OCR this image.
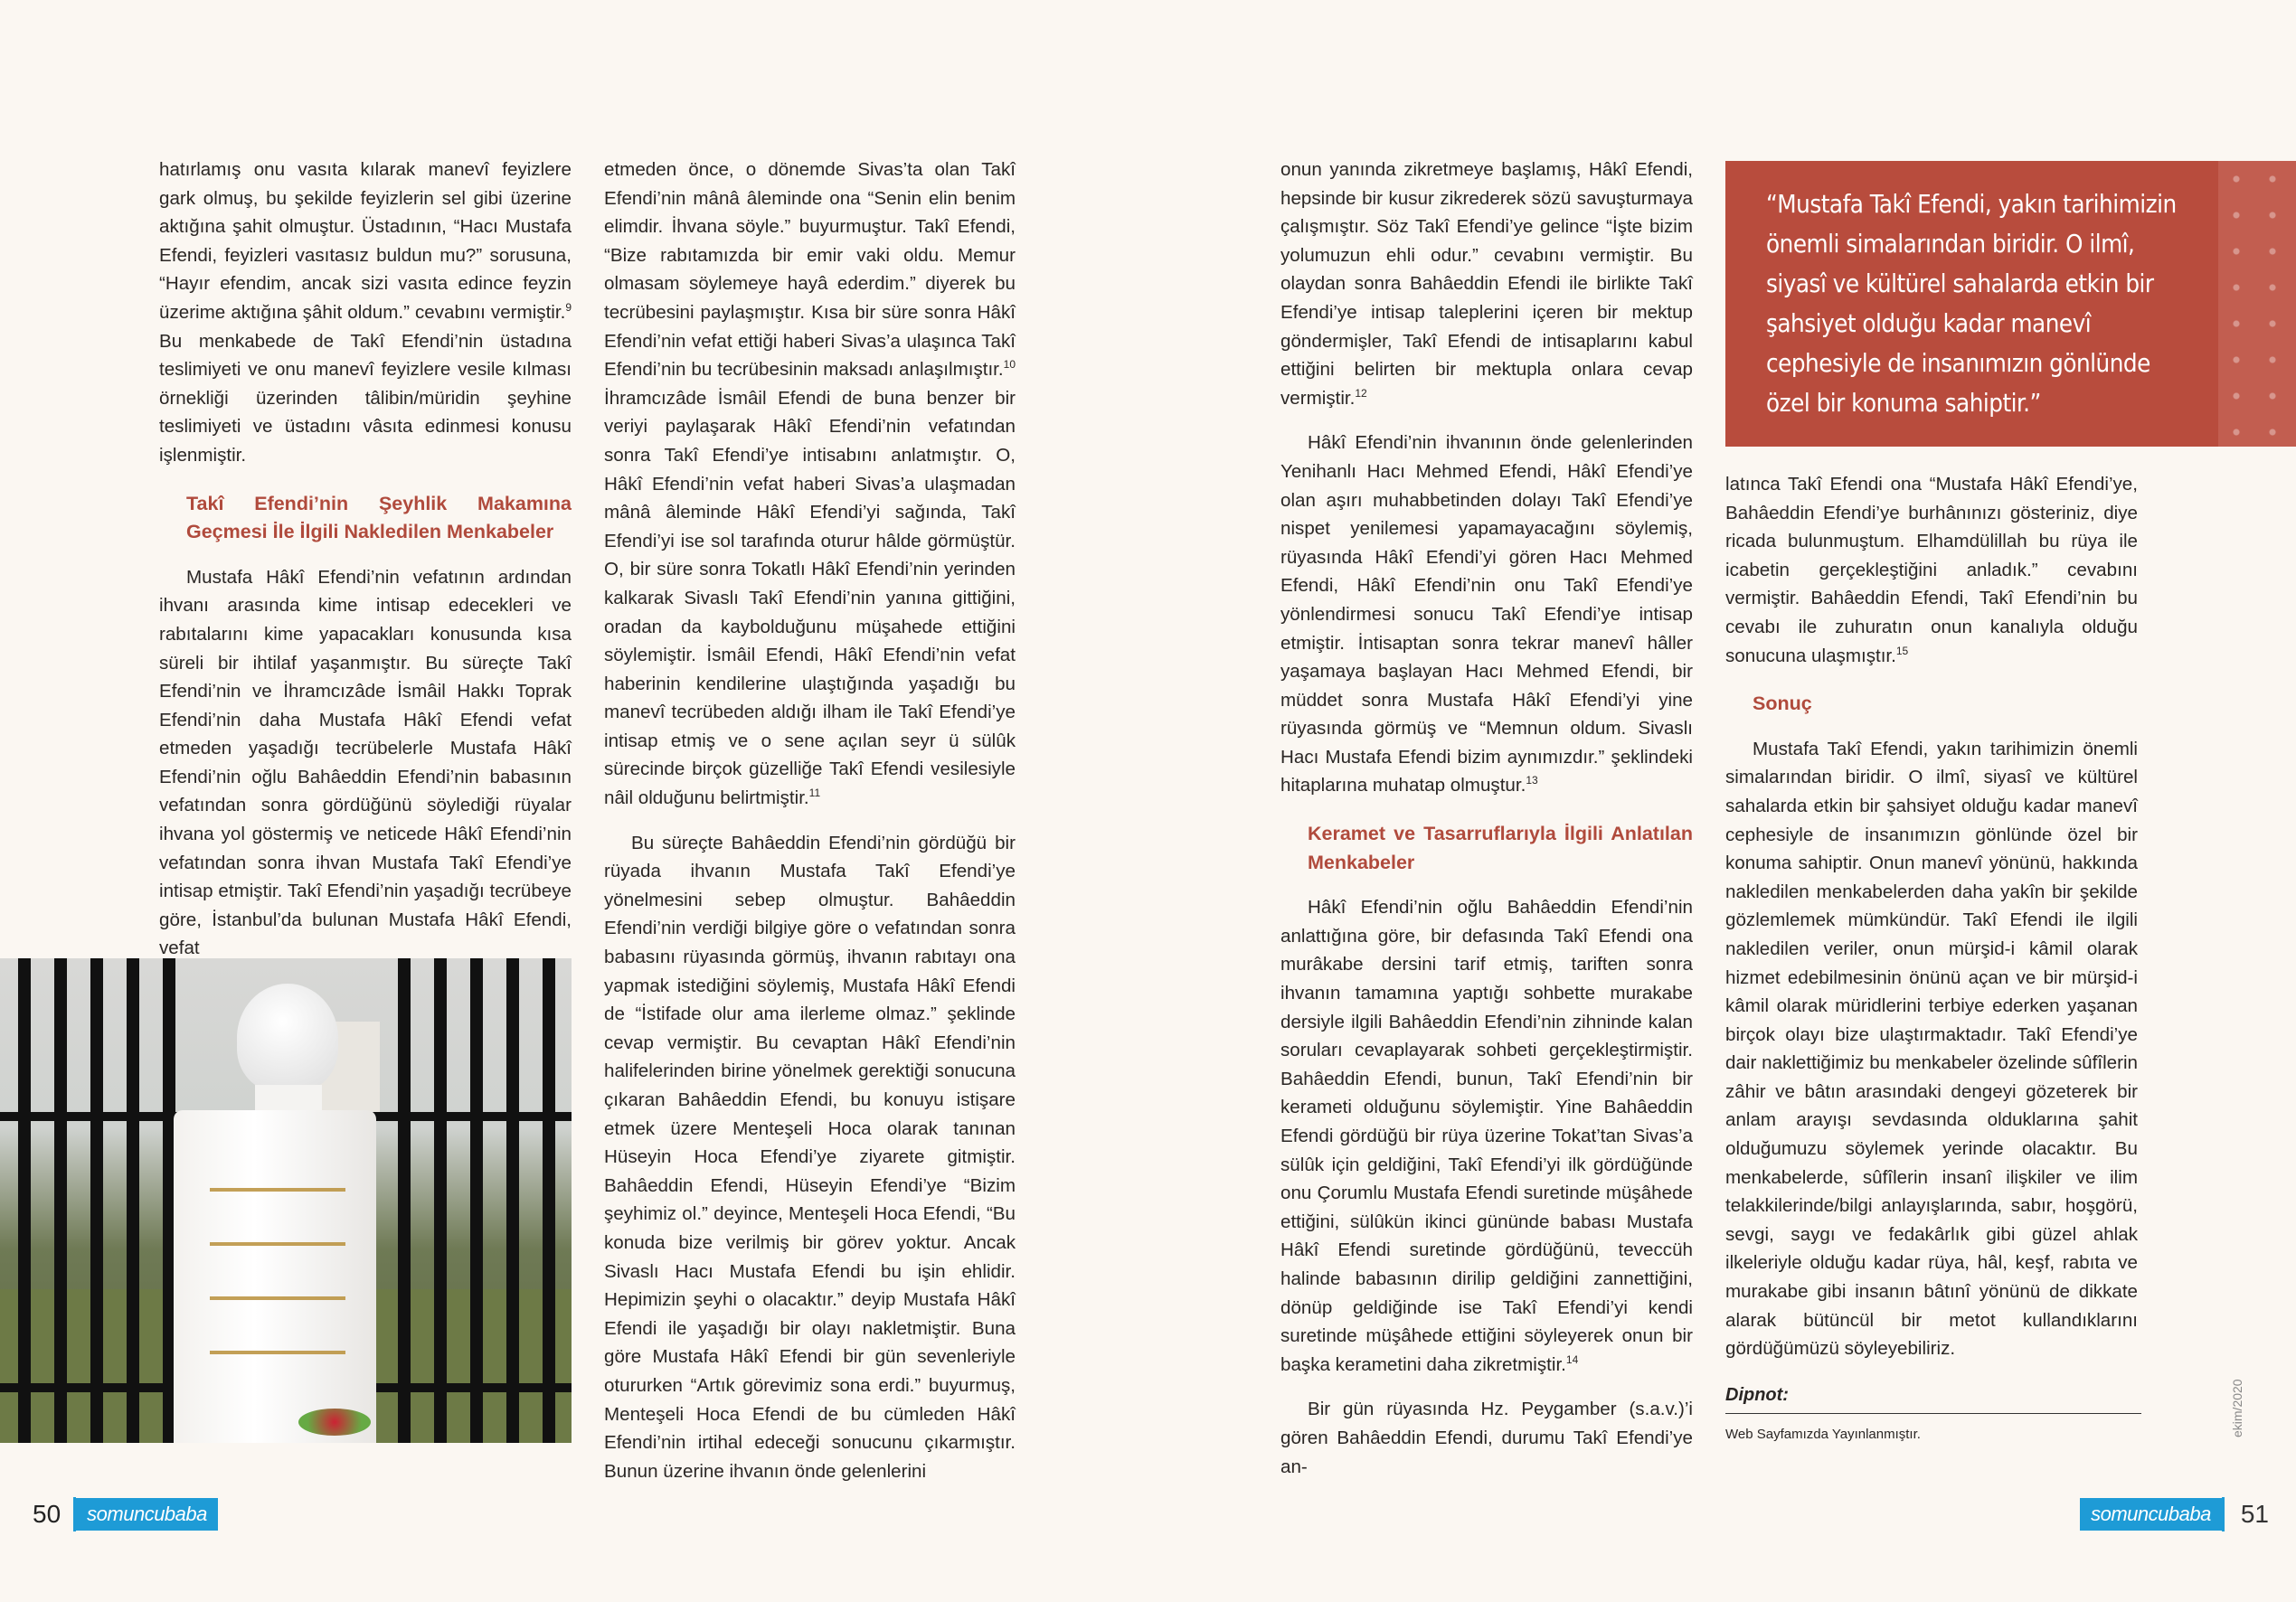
hatırlamış onu vasıta kılarak manevî feyizlere gark olmuş, bu şekilde feyizlerin sel gibi üzerine aktığına şahit olmuştur. Üstadının, “Hacı Mustafa Efendi, feyizleri vasıtasız buldun mu?” sorusuna, “Hayır efendim, ancak sizi vasıta edince feyzin üzerime aktığına şâhit oldum.” cevabını vermiştir.$^9$ Bu menkabede de Takî Efendi’nin üstadına teslimiyeti ve onu manevî feyizlere vesile kılması örnekliği üzerinden tâlibin/müridin şeyhine teslimiyeti ve üstadını vâsıta edinmesi konusu işlenmiştir.

Takî Efendi’nin Şeyhlik Makamına Geçmesi İle İlgili Nakledilen Menkabeler

Mustafa Hâkî Efendi’nin vefatının ardından ihvanı arasında kime intisap edecekleri ve rabıtalarını kime yapacakları konusunda kısa süreli bir ihtilaf yaşanmıştır. Bu süreçte Takî Efendi’nin ve İhramcızâde İsmâil Hakkı Toprak Efendi’nin daha Mustafa Hâkî Efendi vefat etmeden yaşadığı tecrübelerle Mustafa Hâkî Efendi’nin oğlu Bahâeddin Efendi’nin babasının vefatından sonra gördüğünü söylediği rüyalar ihvana yol göstermiş ve neticede Hâkî Efendi’nin vefatından sonra ihvan Mustafa Takî Efendi’ye intisap etmiştir. Takî Efendi’nin yaşadığı tecrübeye göre, İstanbul’da bulunan Mustafa Hâkî Efendi, vefat

etmeden önce, o dönemde Sivas’ta olan Takî Efendi’nin mânâ âleminde ona “Senin elin benim elimdir. İhvana söyle.” buyurmuştur. Takî Efendi, “Bize rabıtamızda bir emir vaki oldu. Memur olmasam söylemeye hayâ ederdim.” diyerek bu tecrübesini paylaşmıştır. Kısa bir süre sonra Hâkî Efendi’nin vefat ettiği haberi Sivas’a ulaşınca Takî Efendi’nin bu tecrübesinin maksadı anlaşılmıştır.$^{10}$ İhramcızâde İsmâil Efendi de buna benzer bir veriyi paylaşarak Hâkî Efendi’nin vefatından sonra Takî Efendi’ye intisabını anlatmıştır. O, Hâkî Efendi’nin vefat haberi Sivas’a ulaşmadan mânâ âleminde Hâkî Efendi’yi sağında, Takî Efendi’yi ise sol tarafında oturur hâlde görmüştür. O, bir süre sonra Tokatlı Hâkî Efendi’nin yerinden kalkarak Sivaslı Takî Efendi’nin yanına gittiğini, oradan da kaybolduğunu müşahede ettiğini söylemiştir. İsmâil Efendi, Hâkî Efendi’nin vefat haberinin kendilerine ulaştığında yaşadığı bu manevî tecrübeden aldığı ilham ile Takî Efendi’ye intisap etmiş ve o sene açılan seyr ü sülûk sürecinde birçok güzelliğe Takî Efendi vesilesiyle nâil olduğunu belirtmiştir.$^{11}$

Bu süreçte Bahâeddin Efendi’nin gördüğü bir rüyada ihvanın Mustafa Takî Efendi’ye yönelmesini sebep olmuştur. Bahâeddin Efendi’nin verdiği bilgiye göre o vefatından sonra babasını rüyasında görmüş, ihvanın rabıtayı ona yapmak istediğini söylemiş, Mustafa Hâkî Efendi de “İstifade olur ama ilerleme olmaz.” şeklinde cevap vermiştir. Bu cevaptan Hâkî Efendi’nin halifelerinden birine yönelmek gerektiği sonucuna çıkaran Bahâeddin Efendi, bu konuyu istişare etmek üzere Menteşeli Hoca olarak tanınan Hüseyin Hoca Efendi’ye ziyarete gitmiştir. Bahâeddin Efendi, Hüseyin Efendi’ye “Bizim şeyhimiz ol.” deyince, Menteşeli Hoca Efendi, “Bu konuda bize verilmiş bir görev yoktur. Ancak Sivaslı Hacı Mustafa Efendi bu işin ehlidir. Hepimizin şeyhi o olacaktır.” deyip Mustafa Hâkî Efendi ile yaşadığı bir olayı nakletmiştir. Buna göre Mustafa Hâkî Efendi bir gün sevenleriyle otururken “Artık görevimiz sona erdi.” buyurmuş, Menteşeli Hoca Efendi de bu cümleden Hâkî Efendi’nin irtihal edeceği sonucunu çıkarmıştır. Bunun üzerine ihvanın önde gelenlerini

onun yanında zikretmeye başlamış, Hâkî Efendi, hepsinde bir kusur zikrederek sözü savuşturmaya çalışmıştır. Söz Takî Efendi’ye gelince “İşte bizim yolumuzun ehli odur.” cevabını vermiştir. Bu olaydan sonra Bahâeddin Efendi ile birlikte Takî Efendi’ye intisap taleplerini içeren bir mektup göndermişler, Takî Efendi de intisaplarını kabul ettiğini belirten bir mektupla onlara cevap vermiştir.$^{12}$

Hâkî Efendi’nin ihvanının önde gelenlerinden Yenihanlı Hacı Mehmed Efendi, Hâkî Efendi’ye olan aşırı muhabbetinden dolayı Takî Efendi’ye nispet yenilemesi yapamayacağını söylemiş, rüyasında Hâkî Efendi’yi gören Hacı Mehmed Efendi, Hâkî Efendi’nin onu Takî Efendi’ye yönlendirmesi sonucu Takî Efendi’ye intisap etmiştir. İntisaptan sonra tekrar manevî hâller yaşamaya başlayan Hacı Mehmed Efendi, bir müddet sonra Mustafa Hâkî Efendi’yi yine rüyasında görmüş ve “Memnun oldum. Sivaslı Hacı Mustafa Efendi bizim aynımızdır.” şeklindeki hitaplarına muhatap olmuştur.$^{13}$

Keramet ve Tasarruflarıyla İlgili Anlatılan Menkabeler

Hâkî Efendi’nin oğlu Bahâeddin Efendi’nin anlattığına göre, bir defasında Takî Efendi ona murâkabe dersini tarif etmiş, tariften sonra ihvanın tamamına yaptığı sohbette murakabe dersiyle ilgili Bahâeddin Efendi’nin zihninde kalan soruları cevaplayarak sohbeti gerçekleştirmiştir. Bahâeddin Efendi, bunun, Takî Efendi’nin bir kerameti olduğunu söylemiştir. Yine Bahâeddin Efendi gördüğü bir rüya üzerine Tokat’tan Sivas’a sülûk için geldiğini, Takî Efendi’yi ilk gördüğünde onu Çorumlu Mustafa Efendi suretinde müşâhede ettiğini, sülûkün ikinci gününde babası Mustafa Hâkî Efendi suretinde gördüğünü, teveccüh halinde babasının dirilip geldiğini zannettiğini, dönüp geldiğinde ise Takî Efendi’yi kendi suretinde müşâhede ettiğini söyleyerek onun bir başka kerametini daha zikretmiştir.$^{14}$

Bir gün rüyasında Hz. Peygamber (s.a.v.)’i gören Bahâeddin Efendi, durumu Takî Efendi’ye an-

“Mustafa Takî Efendi, yakın tarihimizin önemli simalarından biridir. O ilmî, siyasî ve kültürel sahalarda etkin bir şahsiyet olduğu kadar manevî cephesiyle de insanımızın gönlünde özel bir konuma sahiptir.”

latınca Takî Efendi ona “Mustafa Hâkî Efendi’ye, Bahâeddin Efendi’ye burhânınızı gösteriniz, diye ricada bulunmuştum. Elhamdülillah bu rüya ile icabetin gerçekleştiğini anladık.” cevabını vermiştir. Bahâeddin Efendi, Takî Efendi’nin bu cevabı ile zuhuratın onun kanalıyla olduğu sonucuna ulaşmıştır.$^{15}$

Sonuç

Mustafa Takî Efendi, yakın tarihimizin önemli simalarından biridir. O ilmî, siyasî ve kültürel sahalarda etkin bir şahsiyet olduğu kadar manevî cephesiyle de insanımızın gönlünde özel bir konuma sahiptir. Onun manevî yönünü, hakkında nakledilen menkabelerden daha yakîn bir şekilde gözlemlemek mümkündür. Takî Efendi ile ilgili nakledilen veriler, onun mürşid-i kâmil olarak hizmet edebilmesinin önünü açan ve bir mürşid-i kâmil olarak müridlerini terbiye ederken yaşanan birçok olayı bize ulaştırmaktadır. Takî Efendi’ye dair naklettiğimiz bu menkabeler özelinde sûfîlerin zâhir ve bâtın arasındaki dengeyi gözeterek bir anlam arayışı sevdasında olduklarına şahit olduğumuzu söylemek yerinde olacaktır. Bu menkabelerde, sûfîlerin insanî ilişkiler ve ilim telakkilerinde/bilgi anlayışlarında, sabır, hoşgörü, sevgi, saygı ve fedakârlık gibi güzel ahlak ilkeleriyle olduğu kadar rüya, hâl, keşf, rabıta ve murakabe gibi insanın bâtınî yönünü de dikkate alarak bütüncül bir metot kullandıklarını gördüğümüzü söyleyebiliriz.

Dipnot:
Web Sayfamızda Yayınlanmıştır.
50	somuncubaba
ekim/2020
somuncubaba	51
